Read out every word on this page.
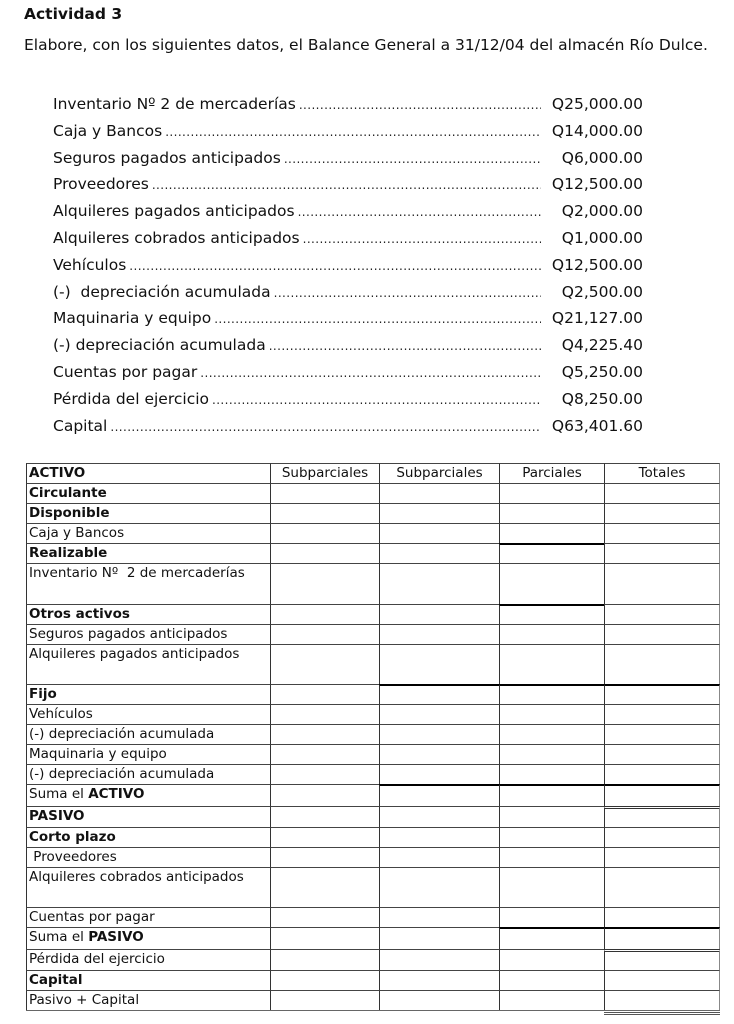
Actividad 3
Elabore, con los siguientes datos, el Balance General a 31/12/04 del almacén Río Dulce.
Inventario Nº 2 de mercaderías .....	Q25,000.00
Caja y Bancos .....	Q14,000.00
Seguros pagados anticipados .....	Q6,000.00
Proveedores .....	Q12,500.00
Alquileres pagados anticipados .....	Q2,000.00
Alquileres cobrados anticipados .....	Q1,000.00
Vehículos .....	Q12,500.00
(-)  depreciación acumulada .....	Q2,500.00
Maquinaria y equipo .....	Q21,127.00
(-) depreciación acumulada .....	Q4,225.40
Cuentas por pagar .....	Q5,250.00
Pérdida del ejercicio .....	Q8,250.00
Capital .....	Q63,401.60
ACTIVO	Subparciales	Subparciales	Parciales	Totales
Circulante
Disponible
Caja y Bancos
Realizable
Inventario Nº  2 de mercaderías
Otros activos
Seguros pagados anticipados
Alquileres pagados anticipados
Fijo
Vehículos
(-) depreciación acumulada
Maquinaria y equipo
(-) depreciación acumulada
Suma el ACTIVO
PASIVO
Corto plazo
Proveedores
Alquileres cobrados anticipados
Cuentas por pagar
Suma el PASIVO
Pérdida del ejercicio
Capital
Pasivo + Capital
